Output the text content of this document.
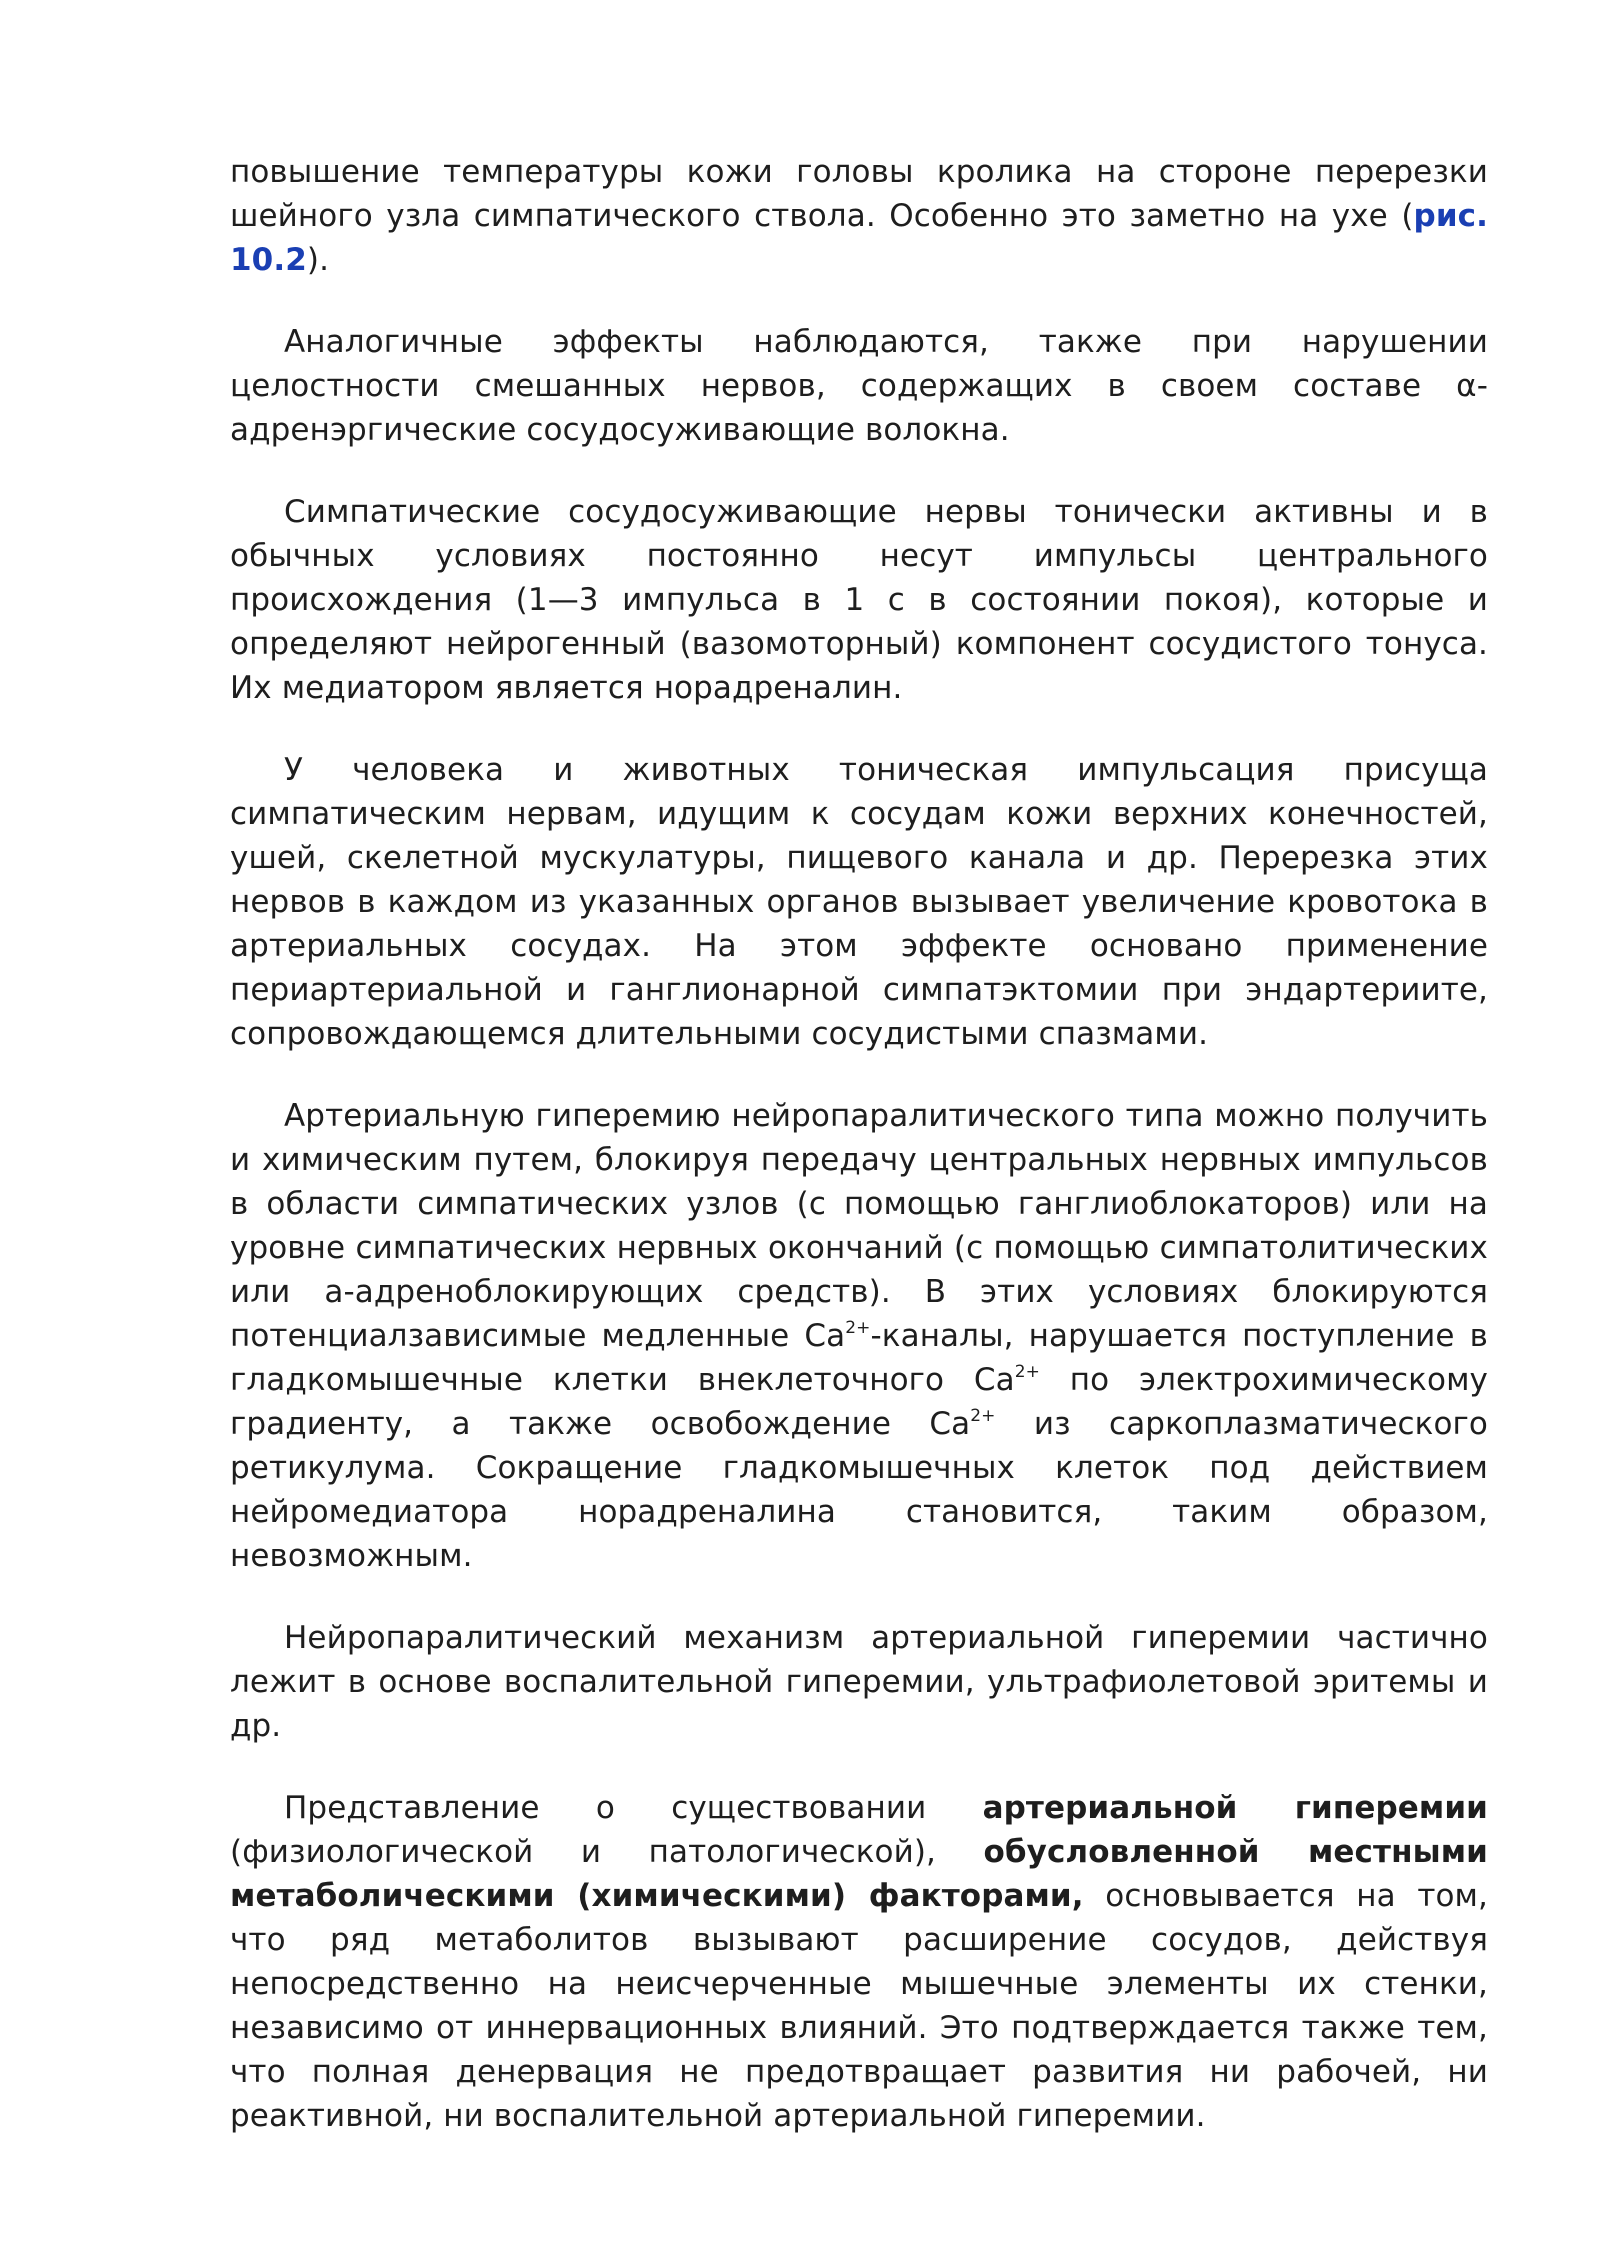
повышение температуры кожи головы кролика на стороне перерезки шейного узла симпатического ствола. Особенно это заметно на ухе (рис. 10.2).

Аналогичные эффекты наблюдаются, также при нарушении целостности смешанных нервов, содержащих в своем составе α-адренэргические сосудосуживающие волокна.

Симпатические сосудосуживающие нервы тонически активны и в обычных условиях постоянно несут импульсы центрального происхождения (1—3 импульса в 1 с в состоянии покоя), которые и определяют нейрогенный (вазомоторный) компонент сосудистого тонуса. Их медиатором является норадреналин.

У человека и животных тоническая импульсация присуща симпатическим нервам, идущим к сосудам кожи верхних конечностей, ушей, скелетной мускулатуры, пищевого канала и др. Перерезка этих нервов в каждом из указанных органов вызывает увеличение кровотока в артериальных сосудах. На этом эффекте основано применение периартериальной и ганглионарной симпатэктомии при эндартериите, сопровождающемся длительными сосудистыми спазмами.

Артериальную гиперемию нейропаралитического типа можно получить и химическим путем, блокируя передачу центральных нервных импульсов в области симпатических узлов (с помощью ганглиоблокаторов) или на уровне симпатических нервных окончаний (с помощью симпатолитических или а-адреноблокирующих средств). В этих условиях блокируются потенциалзависимые медленные $Ca^{2+}$-каналы, нарушается поступление в гладкомышечные клетки внеклеточного $Ca^{2+}$ по электрохимическому градиенту, а также освобождение $Ca^{2+}$ из саркоплазматического ретикулума. Сокращение гладкомышечных клеток под действием нейромедиатора норадреналина становится, таким образом, невозможным.

Нейропаралитический механизм артериальной гиперемии частично лежит в основе воспалительной гиперемии, ультрафиолетовой эритемы и др.

Представление о существовании артериальной гиперемии (физиологической и патологической), обусловленной местными метаболическими (химическими) факторами, основывается на том, что ряд метаболитов вызывают расширение сосудов, действуя непосредственно на неисчерченные мышечные элементы их стенки, независимо от иннервационных влияний. Это подтверждается также тем, что полная денервация не предотвращает развития ни рабочей, ни реактивной, ни воспалительной артериальной гиперемии.
